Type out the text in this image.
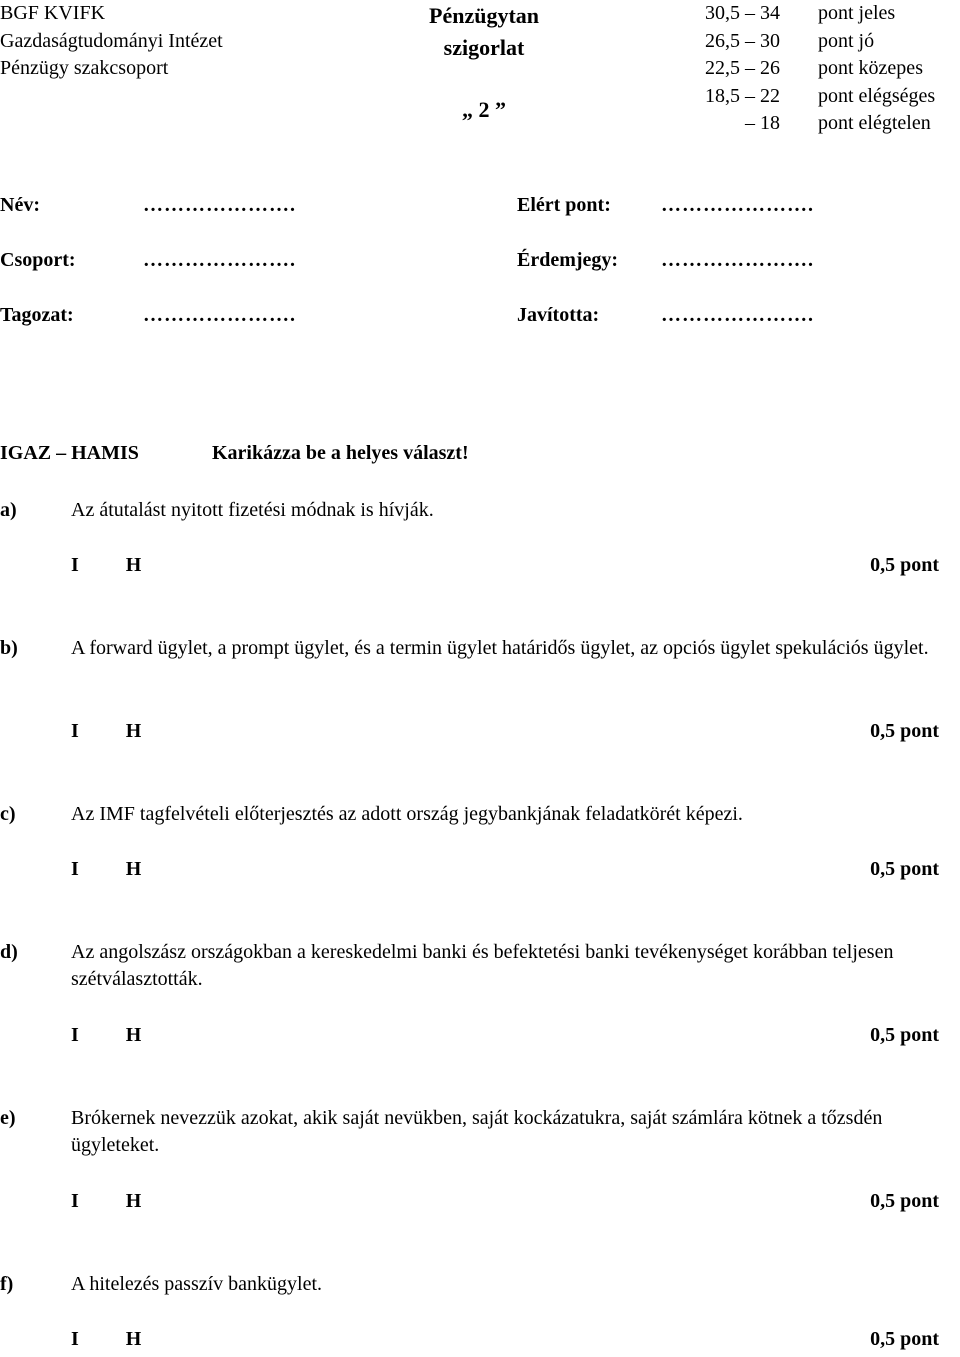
BGF KVIFK
Gazdaságtudományi Intézet
Pénzügy szakcsoport
Pénzügytan
szigorlat
„ 2 ”
30,5 – 34 pont jeles
26,5 – 30 pont jó
22,5 – 26 pont közepes
18,5 – 22 pont elégséges
– 18 pont elégtelen
Név:	………………….	Elért pont:	………………….
Csoport:	………………….	Érdemjegy: ………………….
Tagozat:	………………….	Javította:	………………….
IGAZ – HAMIS	Karikázza be a helyes választ!
a)	Az átutalást nyitott fizetési módnak is hívják.
I H	0,5 pont
b)	A forward ügylet, a prompt ügylet, és a termin ügylet határidős ügylet, az opciós ügylet spekulációs ügylet.
I H	0,5 pont
c)	Az IMF tagfelvételi előterjesztés az adott ország jegybankjának feladatkörét képezi.
I H	0,5 pont
d)	Az angolszász országokban a kereskedelmi banki és befektetési banki tevékenységet korábban teljesen szétválasztották.
I H	0,5 pont
e)	Brókernek nevezzük azokat, akik saját nevükben, saját kockázatukra, saját számlára kötnek a tőzsdén ügyleteket.
I H	0,5 pont
f)	A hitelezés passzív bankügylet.
I H	0,5 pont
